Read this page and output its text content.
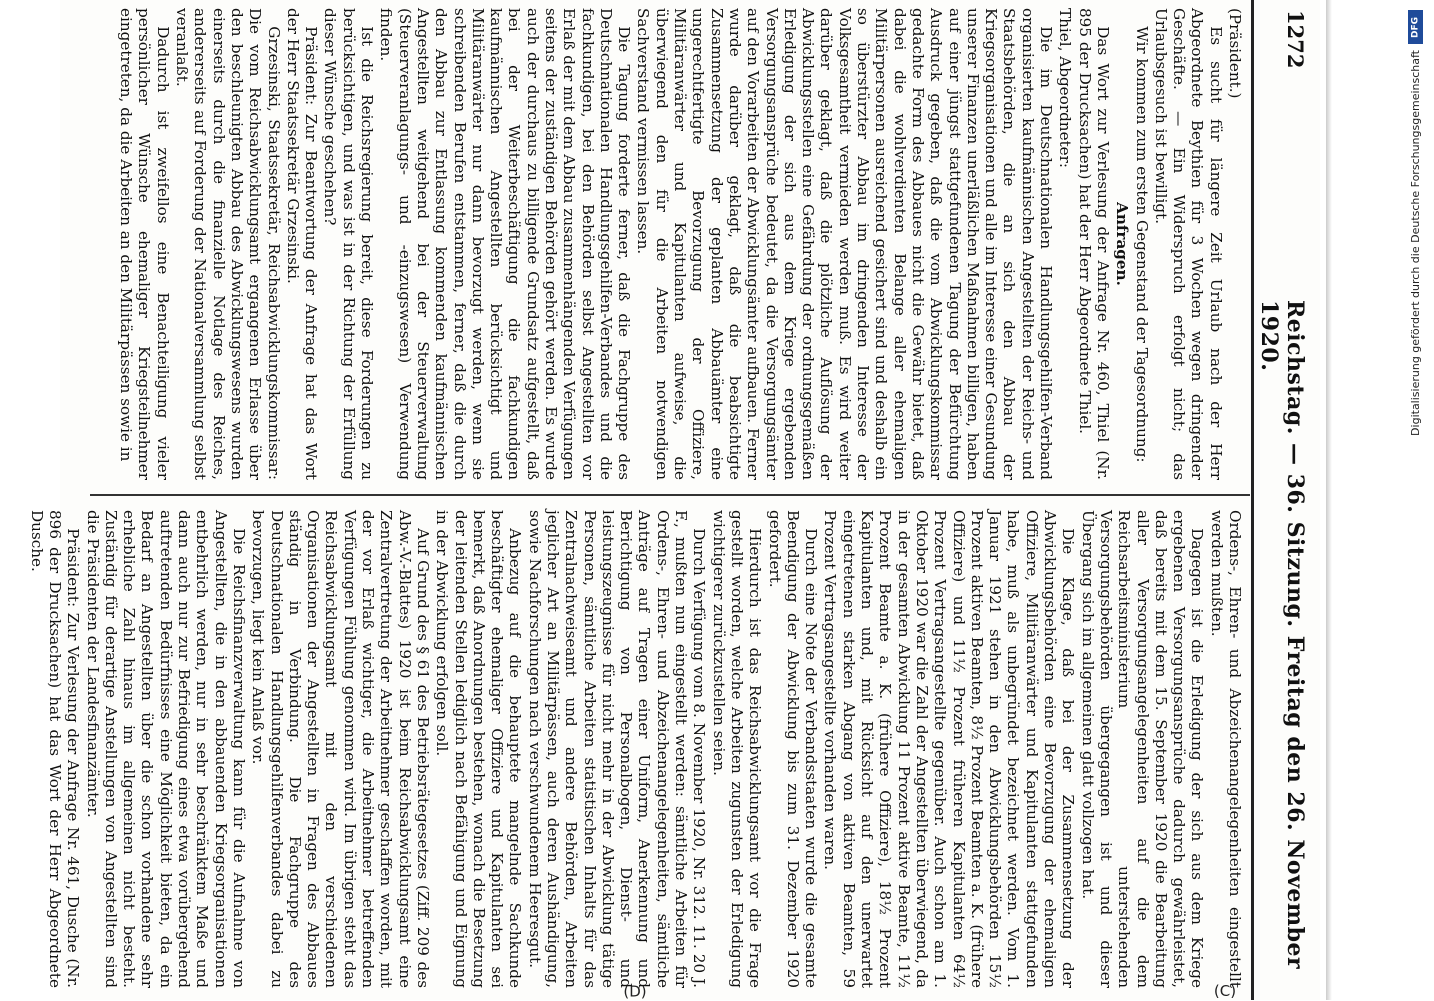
1272
Reichstag. — 36. Sitzung. Freitag den 26. November 1920.
(C)
(D)

(Präsident.)

Es sucht für längere Zeit Urlaub nach der Herr Abgeordnete Beythien für 3 Wochen wegen dringender Geschäfte. — Ein Widerspruch erfolgt nicht; das Urlaubsgesuch ist bewilligt.

Wir kommen zum ersten Gegenstand der Tagesordnung:

Anfragen.

Das Wort zur Verlesung der Anfrage Nr. 460, Thiel (Nr. 895 der Drucksachen) hat der Herr Abgeordnete Thiel.

Thiel, Abgeordneter:

Die im Deutschnationalen Handlungsgehilfen-Verband organisierten kaufmännischen Angestellten der Reichs- und Staatsbehörden, die an sich den Abbau der Kriegsorganisationen und alle im Interesse einer Gesundung unserer Finanzen unerläßlichen Maßnahmen billigen, haben auf einer jüngst stattgefundenen Tagung der Befürchtung Ausdruck gegeben, daß die vom Abwicklungskommissar gedachte Form des Abbaues nicht die Gewähr bietet, daß dabei die wohlverdienten Belange aller ehemaligen Militärpersonen ausreichend gesichert sind und deshalb ein so überstürzter Abbau im dringenden Interesse der Volksgesamtheit vermieden werden muß. Es wird weiter darüber geklagt, daß die plötzliche Auflösung der Abwicklungsstellen eine Gefährdung der ordnungsgemäßen Erledigung der sich aus dem Kriege ergebenden Versorgungsansprüche bedeutet, da die Versorgungsämter auf den Vorarbeiten der Abwicklungsämter aufbauen. Ferner wurde darüber geklagt, daß die beabsichtigte Zusammensetzung der geplanten Abbauämter eine ungerechtfertigte Bevorzugung der Offiziere, Militäranwärter und Kapitulanten aufweise, die überwiegend den für die Arbeiten notwendigen Sachverstand vermissen lassen.

Die Tagung forderte ferner, daß die Fachgruppe des Deutschnationalen Handlungsgehilfen-Verbandes und die fachkundigen, bei den Behörden selbst Angestellten vor Erlaß der mit dem Abbau zusammenhängenden Verfügungen seitens der zuständigen Behörden gehört werden. Es wurde auch der durchaus zu billigende Grundsatz aufgestellt, daß bei der Weiterbeschäftigung die fachkundigen kaufmännischen Angestellten berücksichtigt und Militäranwärter nur dann bevorzugt werden, wenn sie schreibenden Berufen entstammen, ferner, daß die durch den Abbau zur Entlassung kommenden kaufmännischen Angestellten weitgehend bei der Steuerverwaltung (Steuerveranlagungs- und -einzugswesen) Verwendung finden.

Ist die Reichsregierung bereit, diese Forderungen zu berücksichtigen, und was ist in der Richtung der Erfüllung dieser Wünsche geschehen?

Präsident: Zur Beantwortung der Anfrage hat das Wort der Herr Staatssekretär Grzesinski.

Grzesinski, Staatssekretär, Reichsabwicklungskommissar: Die vom Reichsabwicklungsamt ergangenen Erlasse über den beschleunigten Abbau des Abwicklungswesens wurden einerseits durch die finanzielle Notlage des Reiches, andererseits auf Forderung der Nationalversammlung selbst veranlaßt.

Dadurch ist zweifellos eine Benachteiligung vieler persönlicher Wünsche ehemaliger Kriegsteilnehmer eingetreten, da die Arbeiten an den Militärpässen sowie in

Ordens-, Ehren- und Abzeichenangelegenheiten eingestellt werden mußten.

Dagegen ist die Erledigung der sich aus dem Kriege ergebenen Versorgungsansprüche dadurch gewährleistet, daß bereits mit dem 15. September 1920 die Bearbeitung aller Versorgungsangelegenheiten auf die dem Reichsarbeitsministerium unterstehenden Versorgungsbehörden übergegangen ist und dieser Übergang sich im allgemeinen glatt vollzogen hat.

Die Klage, daß bei der Zusammensetzung der Abwicklungsbehörden eine Bevorzugung der ehemaligen Offiziere, Militäranwärter und Kapitulanten stattgefunden habe, muß als unbegründet bezeichnet werden. Vom 1. Januar 1921 stehen in den Abwicklungsbehörden 15½ Prozent aktiven Beamten, 8½ Prozent Beamten a. K. (frühere Offiziere) und 11½ Prozent früheren Kapitulanten 64½ Prozent Vertragsangestellte gegenüber. Auch schon am 1. Oktober 1920 war die Zahl der Angestellten überwiegend, da in der gesamten Abwicklung 11 Prozent aktive Beamte, 11½ Prozent Beamte a. K. (frühere Offiziere), 18½ Prozent Kapitulanten und, mit Rücksicht auf den unerwartet eingetretenen starken Abgang von aktiven Beamten, 59 Prozent Vertragsangestellte vorhanden waren.

Durch eine Note der Verbandsstaaten wurde die gesamte Beendigung der Abwicklung bis zum 31. Dezember 1920 gefordert.

Hierdurch ist das Reichsabwicklungsamt vor die Frage gestellt worden, welche Arbeiten zugunsten der Erledigung wichtigerer zurückzustellen seien.

Durch Verfügung vom 8. November 1920, Nr. 312. 11. 20 J. F., mußten nun eingestellt werden: sämtliche Arbeiten für Ordens-, Ehren- und Abzeichenangelegenheiten, sämtliche Anträge auf Tragen einer Uniform, Anerkennung und Berichtigung von Personalbogen, Dienst- und leistungszeugnisse für nicht mehr in der Abwicklung tätige Personen, sämtliche Arbeiten statistischen Inhalts für das Zentralnachweiseamt und andere Behörden, Arbeiten jeglicher Art an Militärpässen, auch deren Aushändigung, sowie Nachforschungen nach verschwundenem Heeresgut.

Anbezug auf die behauptete mangelnde Sachkunde beschäftigter ehemaliger Offiziere und Kapitulanten sei bemerkt, daß Anordnungen bestehen, wonach die Besetzung der leitenden Stellen lediglich nach Befähigung und Eignung in der Abwicklung erfolgen soll.

Auf Grund des § 61 des Betriebsrätegesetzes (Ziff. 209 des Abw.-V.-Blattes) 1920 ist beim Reichsabwicklungsamt eine Zentralvertretung der Arbeitnehmer geschaffen worden, mit der vor Erlaß wichtiger, die Arbeitnehmer betreffenden Verfügungen Fühlung genommen wird. Im übrigen steht das Reichsabwicklungsamt mit den verschiedenen Organisationen der Angestellten in Fragen des Abbaues ständig in Verbindung. Die Fachgruppe des Deutschnationalen Handlungsgehilfenverbandes dabei zu bevorzugen, liegt kein Anlaß vor.

Die Reichsfinanzverwaltung kann für die Aufnahme von Angestellten, die in den abbauenden Kriegsorganisationen entbehrlich werden, nur in sehr beschränktem Maße und dann auch nur zur Befriedigung eines etwa vorübergehend auftretenden Bedürfnisses eine Möglichkeit bieten, da ein Bedarf an Angestellten über die schon vorhandene sehr erhebliche Zahl hinaus im allgemeinen nicht besteht. Zuständig für derartige Anstellungen von Angestellten sind die Präsidenten der Landesfinanzämter.

Präsident: Zur Verlesung der Anfrage Nr. 461, Dusche (Nr. 896 der Drucksachen) hat das Wort der Herr Abgeordnete Dusche.

DFG
Digitalisierung gefördert durch die Deutsche Forschungsgemeinschaft
